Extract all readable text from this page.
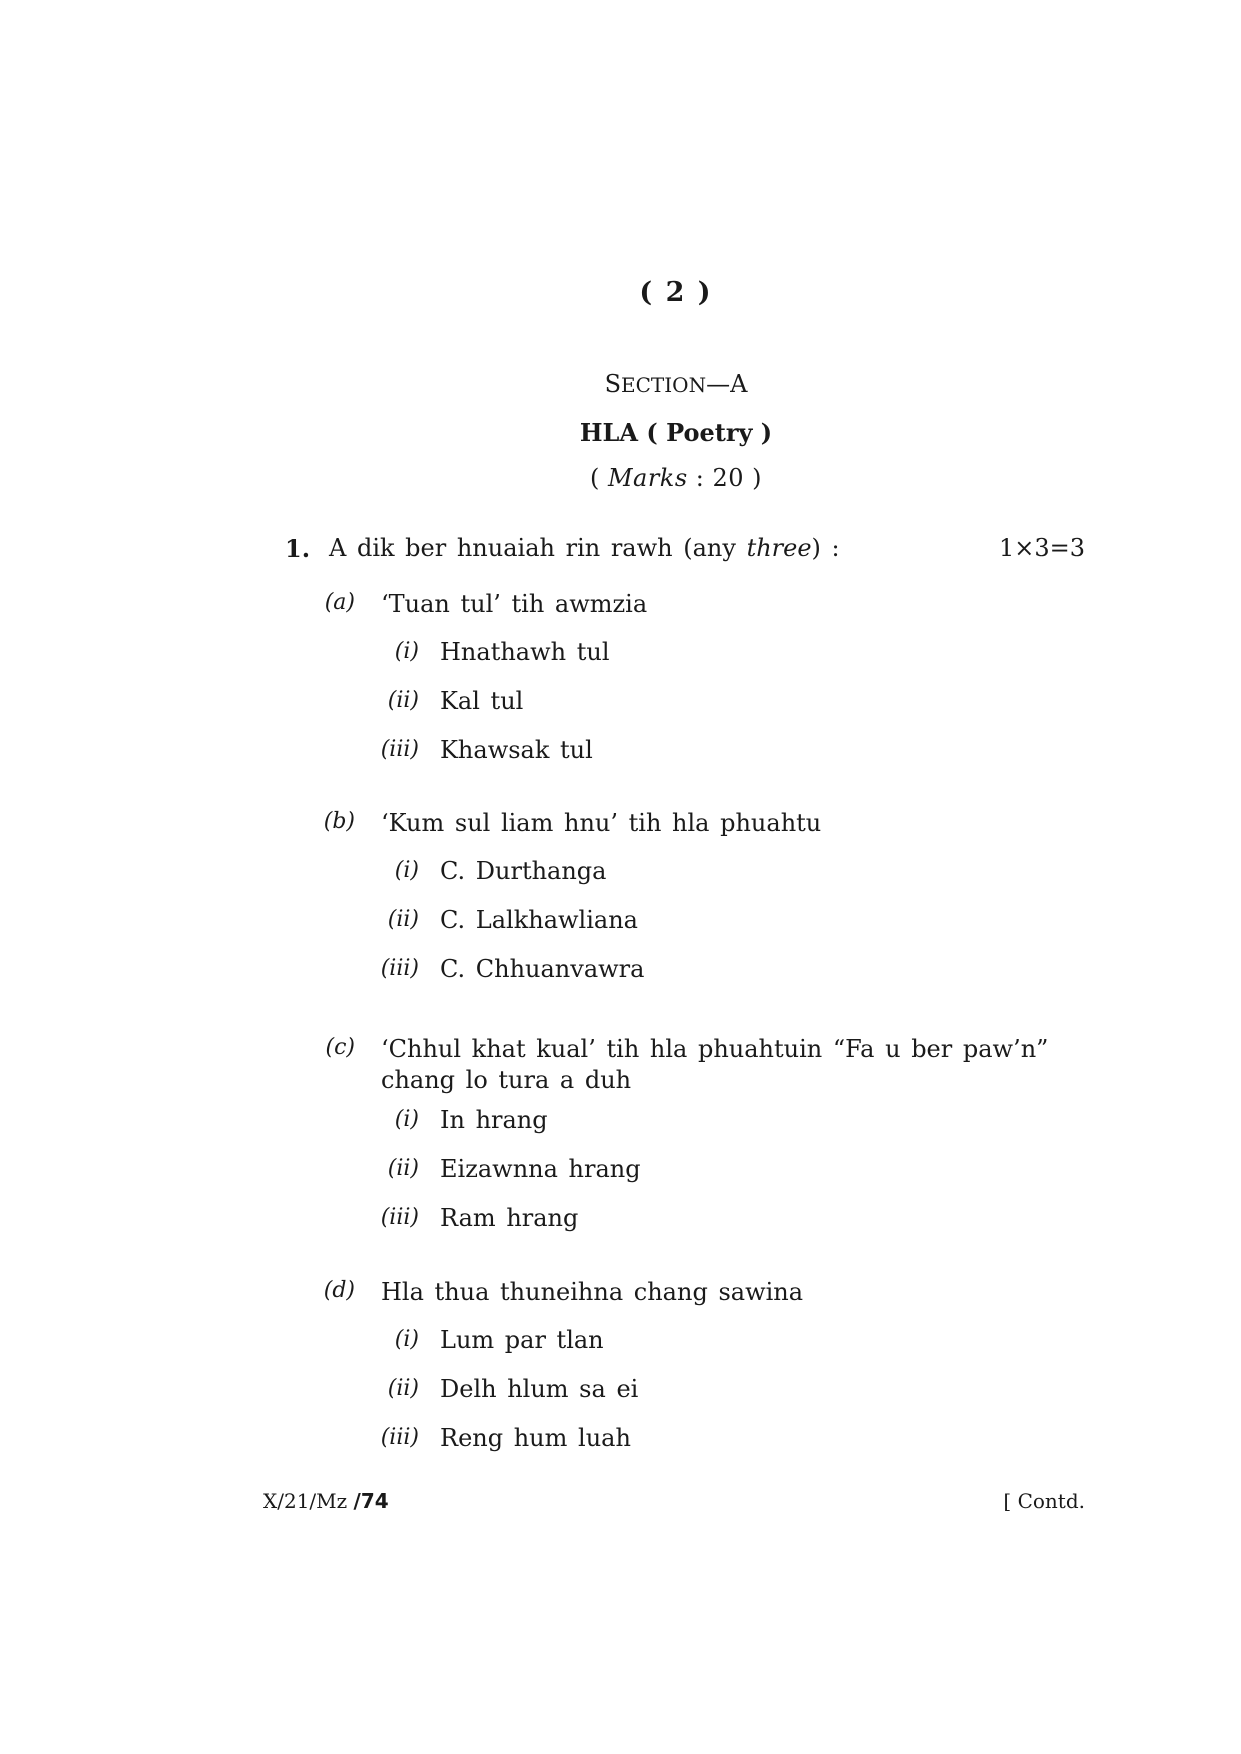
( 2 )
SECTION—A
HLA ( Poetry )
( Marks : 20 )
1. A dik ber hnuaiah rin rawh (any three) :	1×3=3
(a) ‘Tuan tul’ tih awmzia
(i) Hnathawh tul
(ii) Kal tul
(iii) Khawsak tul
(b) ‘Kum sul liam hnu’ tih hla phuahtu
(i) C. Durthanga
(ii) C. Lalkhawliana
(iii) C. Chhuanvawra
(c) ‘Chhul khat kual’ tih hla phuahtuin “Fa u ber paw’n”
chang lo tura a duh
(i) In hrang
(ii) Eizawnna hrang
(iii) Ram hrang
(d) Hla thua thuneihna chang sawina
(i) Lum par tlan
(ii) Delh hlum sa ei
(iii) Reng hum luah
X/21/Mz /74	[ Contd.
